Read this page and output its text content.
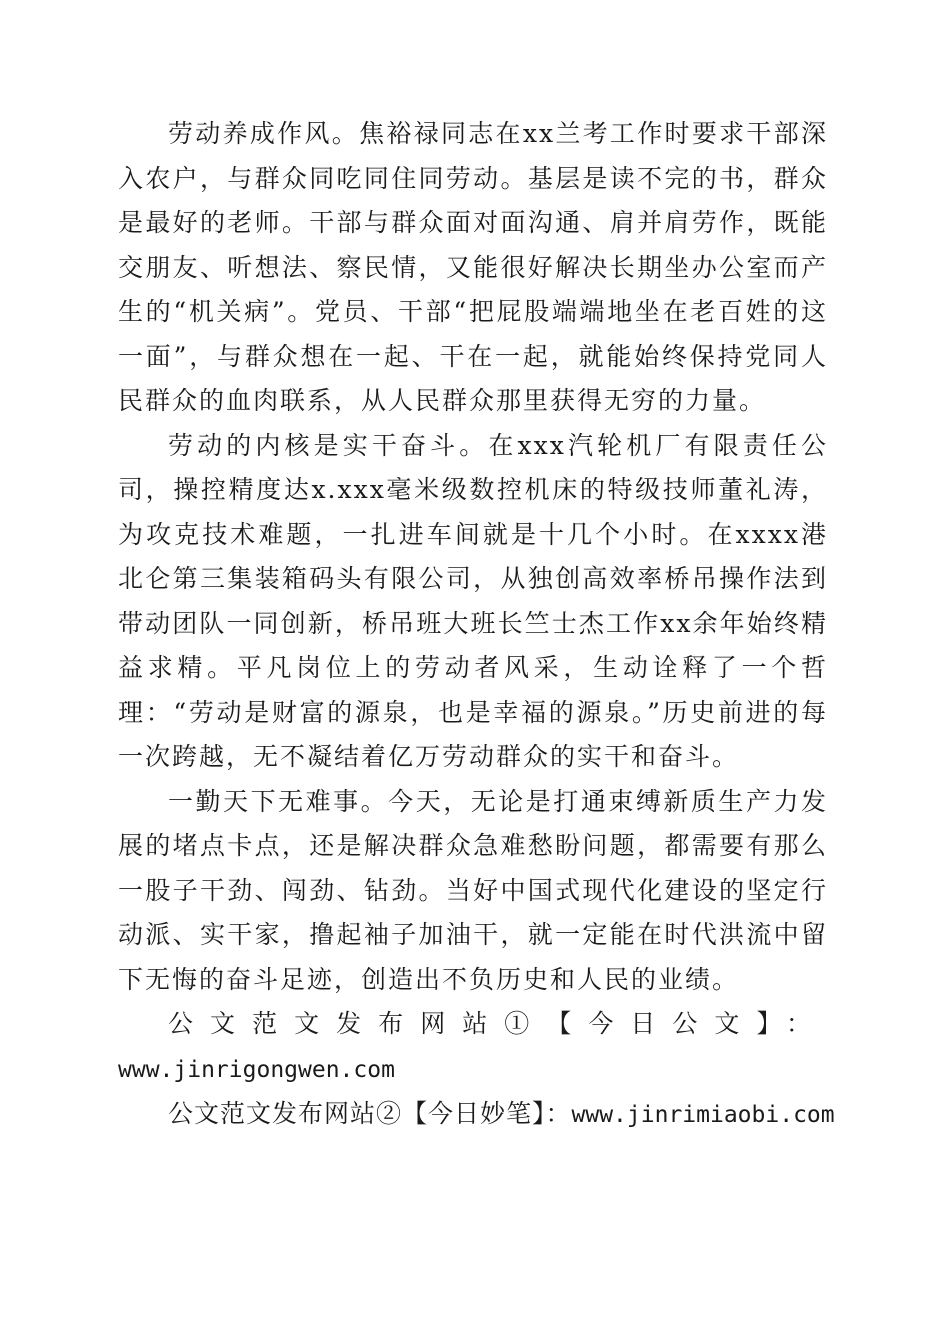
劳动养成作风。焦裕禄同志在xx兰考工作时要求干部深入农户，与群众同吃同住同劳动。基层是读不完的书，群众是最好的老师。干部与群众面对面沟通、肩并肩劳作，既能交朋友、听想法、察民情，又能很好解决长期坐办公室而产生的“机关病”。党员、干部“把屁股端端地坐在老百姓的这一面”，与群众想在一起、干在一起，就能始终保持党同人民群众的血肉联系，从人民群众那里获得无穷的力量。

劳动的内核是实干奋斗。在xxx汽轮机厂有限责任公司，操控精度达x.xxx毫米级数控机床的特级技师董礼涛，为攻克技术难题，一扎进车间就是十几个小时。在xxxx港北仑第三集装箱码头有限公司，从独创高效率桥吊操作法到带动团队一同创新，桥吊班大班长竺士杰工作xx余年始终精益求精。平凡岗位上的劳动者风采，生动诠释了一个哲理：“劳动是财富的源泉，也是幸福的源泉。”历史前进的每一次跨越，无不凝结着亿万劳动群众的实干和奋斗。

一勤天下无难事。今天，无论是打通束缚新质生产力发展的堵点卡点，还是解决群众急难愁盼问题，都需要有那么一股子干劲、闯劲、钻劲。当好中国式现代化建设的坚定行动派、实干家，撸起袖子加油干，就一定能在时代洪流中留下无悔的奋斗足迹，创造出不负历史和人民的业绩。

公文范文发布网站①【今日公文】：www.jinrigongwen.com

公文范文发布网站②【今日妙笔】：www.jinrimiaobi.com
